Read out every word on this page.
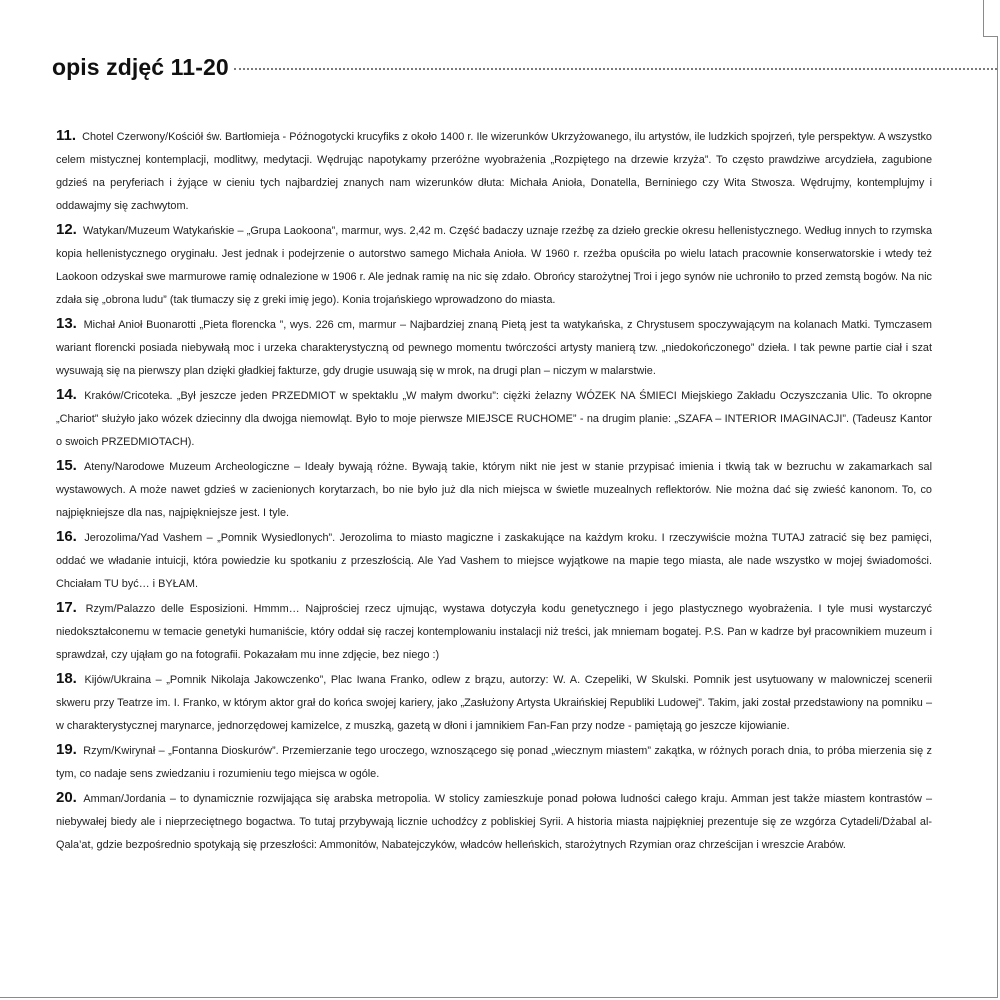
opis zdjęć 11-20

11. Chotel Czerwony/Kościół św. Bartłomieja - Późnogotycki krucyfiks z około 1400 r. Ile wizerunków Ukrzyżowanego, ilu artystów, ile ludzkich spojrzeń, tyle perspektyw. A wszystko celem mistycznej kontemplacji, modlitwy, medytacji. Wędrując napotykamy przeróżne wyobrażenia „Rozpiętego na drzewie krzyża”. To często prawdziwe arcydzieła, zagubione gdzieś na peryferiach i żyjące w cieniu tych najbardziej znanych nam wizerunków dłuta: Michała Anioła, Donatella, Berniniego czy Wita Stwosza. Wędrujmy, kontemplujmy i oddawajmy się zachwytom.

12. Watykan/Muzeum Watykańskie – „Grupa Laokoona”, marmur, wys. 2,42 m. Część badaczy uznaje rzeźbę za dzieło greckie okresu hellenistycznego. Według innych to rzymska kopia hellenistycznego oryginału. Jest jednak i podejrzenie o autorstwo samego Michała Anioła. W 1960 r. rzeźba opuściła po wielu latach pracownie konserwatorskie i wtedy też Laokoon odzyskał swe marmurowe ramię odnalezione w 1906 r. Ale jednak ramię na nic się zdało. Obrońcy starożytnej Troi i jego synów nie uchroniło to przed zemstą bogów. Na nic zdała się „obrona ludu” (tak tłumaczy się z greki imię jego). Konia trojańskiego wprowadzono do miasta.

13. Michał Anioł Buonarotti „Pieta florencka ”, wys. 226 cm, marmur – Najbardziej znaną Pietą jest ta watykańska, z Chrystusem spoczywającym na kolanach Matki. Tymczasem wariant florencki posiada niebywałą moc i urzeka charakterystyczną od pewnego momentu twórczości artysty manierą tzw. „niedokończonego” dzieła. I tak pewne partie ciał i szat wysuwają się na pierwszy plan dzięki gładkiej fakturze, gdy drugie usuwają się w mrok, na drugi plan – niczym w malarstwie.

14. Kraków/Cricoteka. „Był jeszcze jeden PRZEDMIOT w spektaklu „W małym dworku”: ciężki żelazny WÓZEK NA ŚMIECI Miejskiego Zakładu Oczyszczania Ulic. To okropne „Chariot” służyło jako wózek dziecinny dla dwojga niemowląt. Było to moje pierwsze MIEJSCE RUCHOME” - na drugim planie: „SZAFA – INTERIOR IMAGINACJI”. (Tadeusz Kantor o swoich PRZEDMIOTACH).

15. Ateny/Narodowe Muzeum Archeologiczne – Ideały bywają różne. Bywają takie, którym nikt nie jest w stanie przypisać imienia i tkwią tak w bezruchu w zakamarkach sal wystawowych. A może nawet gdzieś w zacienionych korytarzach, bo nie było już dla nich miejsca w świetle muzealnych reflektorów. Nie można dać się zwieść kanonom. To, co najpiękniejsze dla nas, najpiękniejsze jest. I tyle.

16. Jerozolima/Yad Vashem – „Pomnik Wysiedlonych”. Jerozolima to miasto magiczne i zaskakujące na każdym kroku. I rzeczywiście można TUTAJ zatracić się bez pamięci, oddać we władanie intuicji, która powiedzie ku spotkaniu z przeszłością. Ale Yad Vashem to miejsce wyjątkowe na mapie tego miasta, ale nade wszystko w mojej świadomości. Chciałam TU być… i BYŁAM.

17. Rzym/Palazzo delle Esposizioni. Hmmm… Najprościej rzecz ujmując, wystawa dotyczyła kodu genetycznego i jego plastycznego wyobrażenia. I tyle musi wystarczyć niedokształconemu w temacie genetyki humaniście, który oddał się raczej kontemplowaniu instalacji niż treści, jak mniemam bogatej. P.S. Pan w kadrze był pracownikiem muzeum i sprawdzał, czy ująłam go na fotografii. Pokazałam mu inne zdjęcie, bez niego :)

18. Kijów/Ukraina – „Pomnik Nikolaja Jakowczenko”, Plac Iwana Franko, odlew z brązu, autorzy: W. A. Czepeliki, W Skulski. Pomnik jest usytuowany w malowniczej scenerii skweru przy Teatrze im. I. Franko, w którym aktor grał do końca swojej kariery, jako „Zasłużony Artysta Ukraińskiej Republiki Ludowej”. Takim, jaki został przedstawiony na pomniku – w charakterystycznej marynarce, jednorzędowej kamizelce, z muszką, gazetą w dłoni i jamnikiem Fan-Fan przy nodze - pamiętają go jeszcze kijowianie.

19. Rzym/Kwirynał – „Fontanna Dioskurów”. Przemierzanie tego uroczego, wznoszącego się ponad „wiecznym miastem” zakątka, w różnych porach dnia, to próba mierzenia się z tym, co nadaje sens zwiedzaniu i rozumieniu tego miejsca w ogóle.

20. Amman/Jordania – to dynamicznie rozwijająca się arabska metropolia. W stolicy zamieszkuje ponad połowa ludności całego kraju. Amman jest także miastem kontrastów – niebywałej biedy ale i nieprzeciętnego bogactwa. To tutaj przybywają licznie uchodźcy z pobliskiej Syrii. A historia miasta najpiękniej prezentuje się ze wzgórza Cytadeli/Dżabal al-Qala’at, gdzie bezpośrednio spotykają się przeszłości: Ammonitów, Nabatejczyków, władców helleńskich, starożytnych Rzymian oraz chrześcijan i wreszcie Arabów.
